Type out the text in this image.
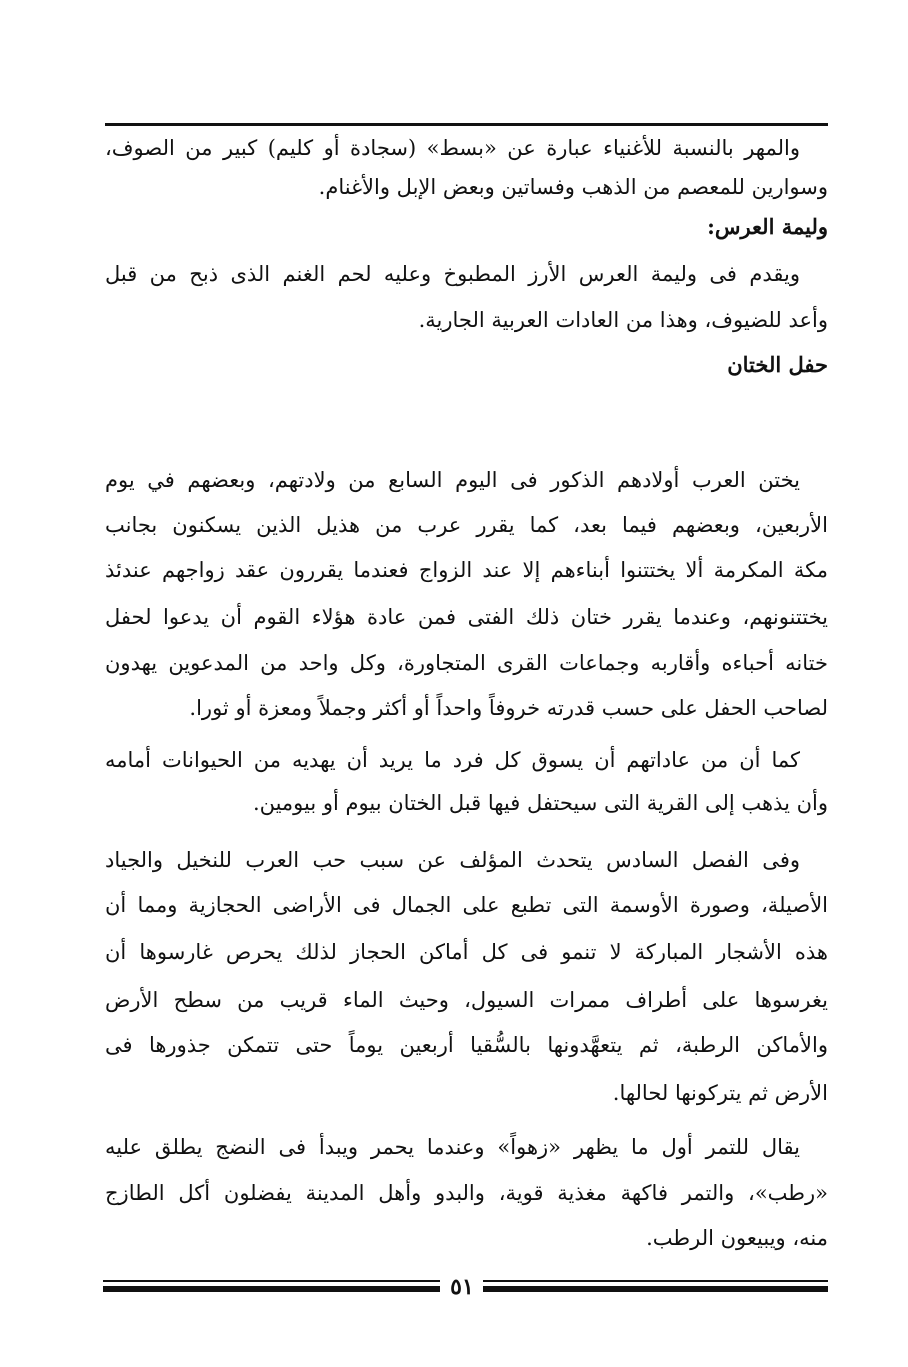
والمهر بالنسبة للأغنياء عبارة عن «بسط» (سجادة أو كليم) كبير من الصوف،
وسوارين للمعصم من الذهب وفساتين وبعض الإبل والأغنام.
وليمة العرس:
ويقدم فى وليمة العرس الأرز المطبوخ وعليه لحم الغنم الذى ذبح من قبل
وأعد للضيوف، وهذا من العادات العربية الجارية.
حفل الختان
يختن العرب أولادهم الذكور فى اليوم السابع من ولادتهم، وبعضهم في يوم
الأربعين، وبعضهم فيما بعد، كما يقرر عرب من هذيل الذين يسكنون بجانب
مكة المكرمة ألا يختتنوا أبناءهم إلا عند الزواج فعندما يقررون عقد زواجهم عندئذ
يختتنونهم، وعندما يقرر ختان ذلك الفتى فمن عادة هؤلاء القوم أن يدعوا لحفل
ختانه أحباءه وأقاربه وجماعات القرى المتجاورة، وكل واحد من المدعوين يهدون
لصاحب الحفل على حسب قدرته خروفاً واحداً أو أكثر وجملاً ومعزة أو ثورا.
كما أن من عاداتهم أن يسوق كل فرد ما يريد أن يهديه من الحيوانات أمامه
وأن يذهب إلى القرية التى سيحتفل فيها قبل الختان بيوم أو بيومين.
وفى الفصل السادس يتحدث المؤلف عن سبب حب العرب للنخيل والجياد
الأصيلة، وصورة الأوسمة التى تطبع على الجمال فى الأراضى الحجازية ومما أن
هذه الأشجار المباركة لا تنمو فى كل أماكن الحجاز لذلك يحرص غارسوها أن
يغرسوها على أطراف ممرات السيول، وحيث الماء قريب من سطح الأرض
والأماكن الرطبة، ثم يتعهَّدونها بالسُّقيا أربعين يوماً حتى تتمكن جذورها فى
الأرض ثم يتركونها لحالها.
يقال للتمر أول ما يظهر «زهواً» وعندما يحمر ويبدأ فى النضج يطلق عليه
«رطب»، والتمر فاكهة مغذية قوية، والبدو وأهل المدينة يفضلون أكل الطازج
منه، ويبيعون الرطب.
٥١
